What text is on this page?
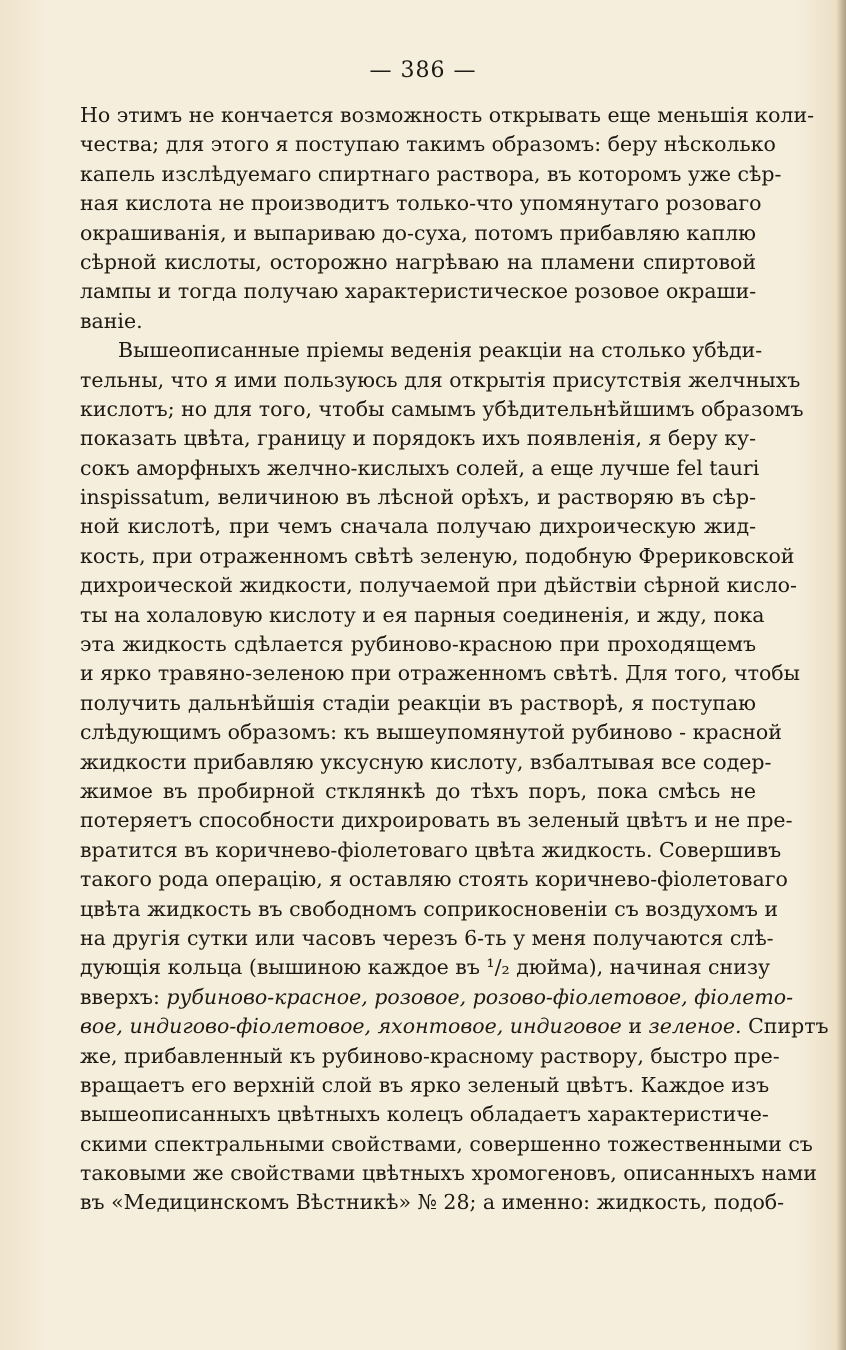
— 386 —
Но этимъ не кончается возможность открывать еще меньшія коли-
чества; для этого я поступаю такимъ образомъ: беру нѣсколько
капель изслѣдуемаго спиртнаго раствора, въ которомъ уже сѣр-
ная кислота не производитъ только-что упомянутаго розоваго
окрашиванія, и выпариваю до-суха, потомъ прибавляю каплю
сѣрной кислоты, осторожно нагрѣваю на пламени спиртовой
лампы и тогда получаю характеристическое розовое окраши-
ваніе.
Вышеописанные пріемы веденія реакціи на столько убѣди-
тельны, что я ими пользуюсь для открытія присутствія желчныхъ
кислотъ; но для того, чтобы самымъ убѣдительнѣйшимъ образомъ
показать цвѣта, границу и порядокъ ихъ появленія, я беру ку-
сокъ аморфныхъ желчно-кислыхъ солей, а еще лучше fel tauri
inspissatum, величиною въ лѣсной орѣхъ, и растворяю въ сѣр-
ной кислотѣ, при чемъ сначала получаю дихроическую жид-
кость, при отраженномъ свѣтѣ зеленую, подобную Фрериковской
дихроической жидкости, получаемой при дѣйствіи сѣрной кисло-
ты на холаловую кислоту и ея парныя соединенія, и жду, пока
эта жидкость сдѣлается рубиново-красною при проходящемъ
и ярко травяно-зеленою при отраженномъ свѣтѣ. Для того, чтобы
получить дальнѣйшія стадіи реакціи въ растворѣ, я поступаю
слѣдующимъ образомъ: къ вышеупомянутой рубиново - красной
жидкости прибавляю уксусную кислоту, взбалтывая все содер-
жимое въ пробирной стклянкѣ до тѣхъ поръ, пока смѣсь не
потеряетъ способности дихроировать въ зеленый цвѣтъ и не пре-
вратится въ коричнево-фіолетоваго цвѣта жидкость. Совершивъ
такого рода операцію, я оставляю стоять коричнево-фіолетоваго
цвѣта жидкость въ свободномъ соприкосновеніи съ воздухомъ и
на другія сутки или часовъ черезъ 6-ть у меня получаются слѣ-
дующія кольца (вышиною каждое въ ¹/₂ дюйма), начиная снизу
вверхъ: рубиново-красное, розовое, розово-фіолетовое, фіолето-
вое, индигово-фіолетовое, яхонтовое, индиговое и зеленое. Спиртъ
же, прибавленный къ рубиново-красному раствору, быстро пре-
вращаетъ его верхній слой въ ярко зеленый цвѣтъ. Каждое изъ
вышеописанныхъ цвѣтныхъ колецъ обладаетъ характеристиче-
скими спектральными свойствами, совершенно тожественными съ
таковыми же свойствами цвѣтныхъ хромогеновъ, описанныхъ нами
въ «Медицинскомъ Вѣстникѣ» № 28; а именно: жидкость, подоб-
